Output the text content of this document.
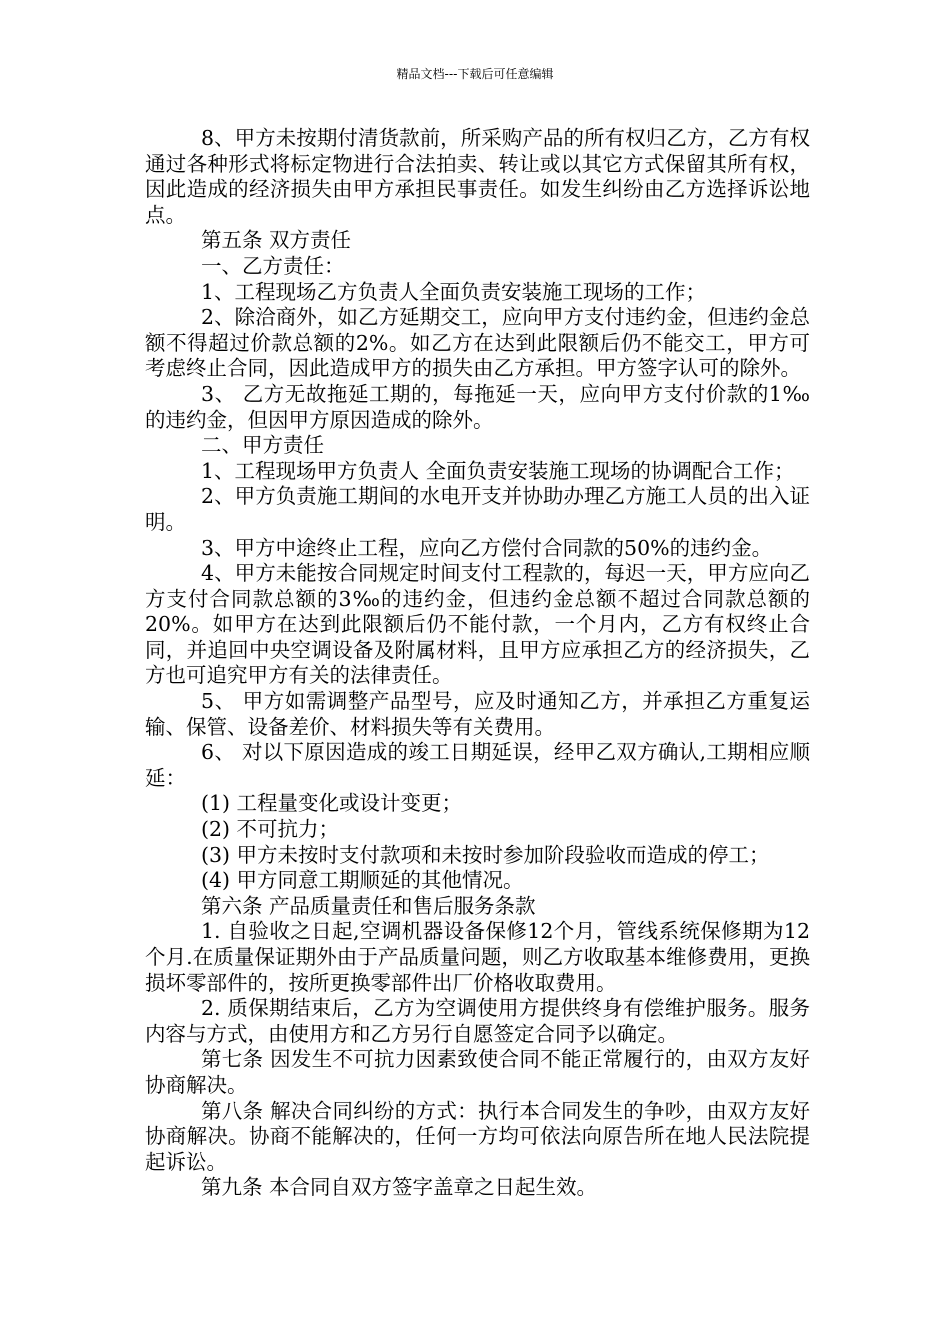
精品文档---下载后可任意编辑

8、甲方未按期付清货款前，所采购产品的所有权归乙方，乙方有权通过各种形式将标定物进行合法拍卖、转让或以其它方式保留其所有权，因此造成的经济损失由甲方承担民事责任。如发生纠纷由乙方选择诉讼地点。

第五条 双方责任

一、乙方责任：

1、工程现场乙方负责人全面负责安装施工现场的工作；

2、除洽商外，如乙方延期交工，应向甲方支付违约金，但违约金总额不得超过价款总额的2%。如乙方在达到此限额后仍不能交工，甲方可考虑终止合同，因此造成甲方的损失由乙方承担。甲方签字认可的除外。

3、 乙方无故拖延工期的，每拖延一天，应向甲方支付价款的1‰的违约金，但因甲方原因造成的除外。

二、甲方责任

1、工程现场甲方负责人 全面负责安装施工现场的协调配合工作；

2、甲方负责施工期间的水电开支并协助办理乙方施工人员的出入证明。

3、甲方中途终止工程，应向乙方偿付合同款的50%的违约金。

4、甲方未能按合同规定时间支付工程款的，每迟一天，甲方应向乙方支付合同款总额的3‰的违约金，但违约金总额不超过合同款总额的20%。如甲方在达到此限额后仍不能付款，一个月内，乙方有权终止合同，并追回中央空调设备及附属材料，且甲方应承担乙方的经济损失，乙方也可追究甲方有关的法律责任。

5、 甲方如需调整产品型号，应及时通知乙方，并承担乙方重复运输、保管、设备差价、材料损失等有关费用。

6、 对以下原因造成的竣工日期延误，经甲乙双方确认,工期相应顺延：

(1) 工程量变化或设计变更；

(2) 不可抗力；

(3) 甲方未按时支付款项和未按时参加阶段验收而造成的停工；

(4) 甲方同意工期顺延的其他情况。

第六条 产品质量责任和售后服务条款

1. 自验收之日起,空调机器设备保修12个月，管线系统保修期为12个月.在质量保证期外由于产品质量问题，则乙方收取基本维修费用，更换损坏零部件的，按所更换零部件出厂价格收取费用。

2. 质保期结束后，乙方为空调使用方提供终身有偿维护服务。服务内容与方式，由使用方和乙方另行自愿签定合同予以确定。

第七条 因发生不可抗力因素致使合同不能正常履行的，由双方友好协商解决。

第八条 解决合同纠纷的方式：执行本合同发生的争吵，由双方友好协商解决。协商不能解决的，任何一方均可依法向原告所在地人民法院提起诉讼。

第九条 本合同自双方签字盖章之日起生效。
